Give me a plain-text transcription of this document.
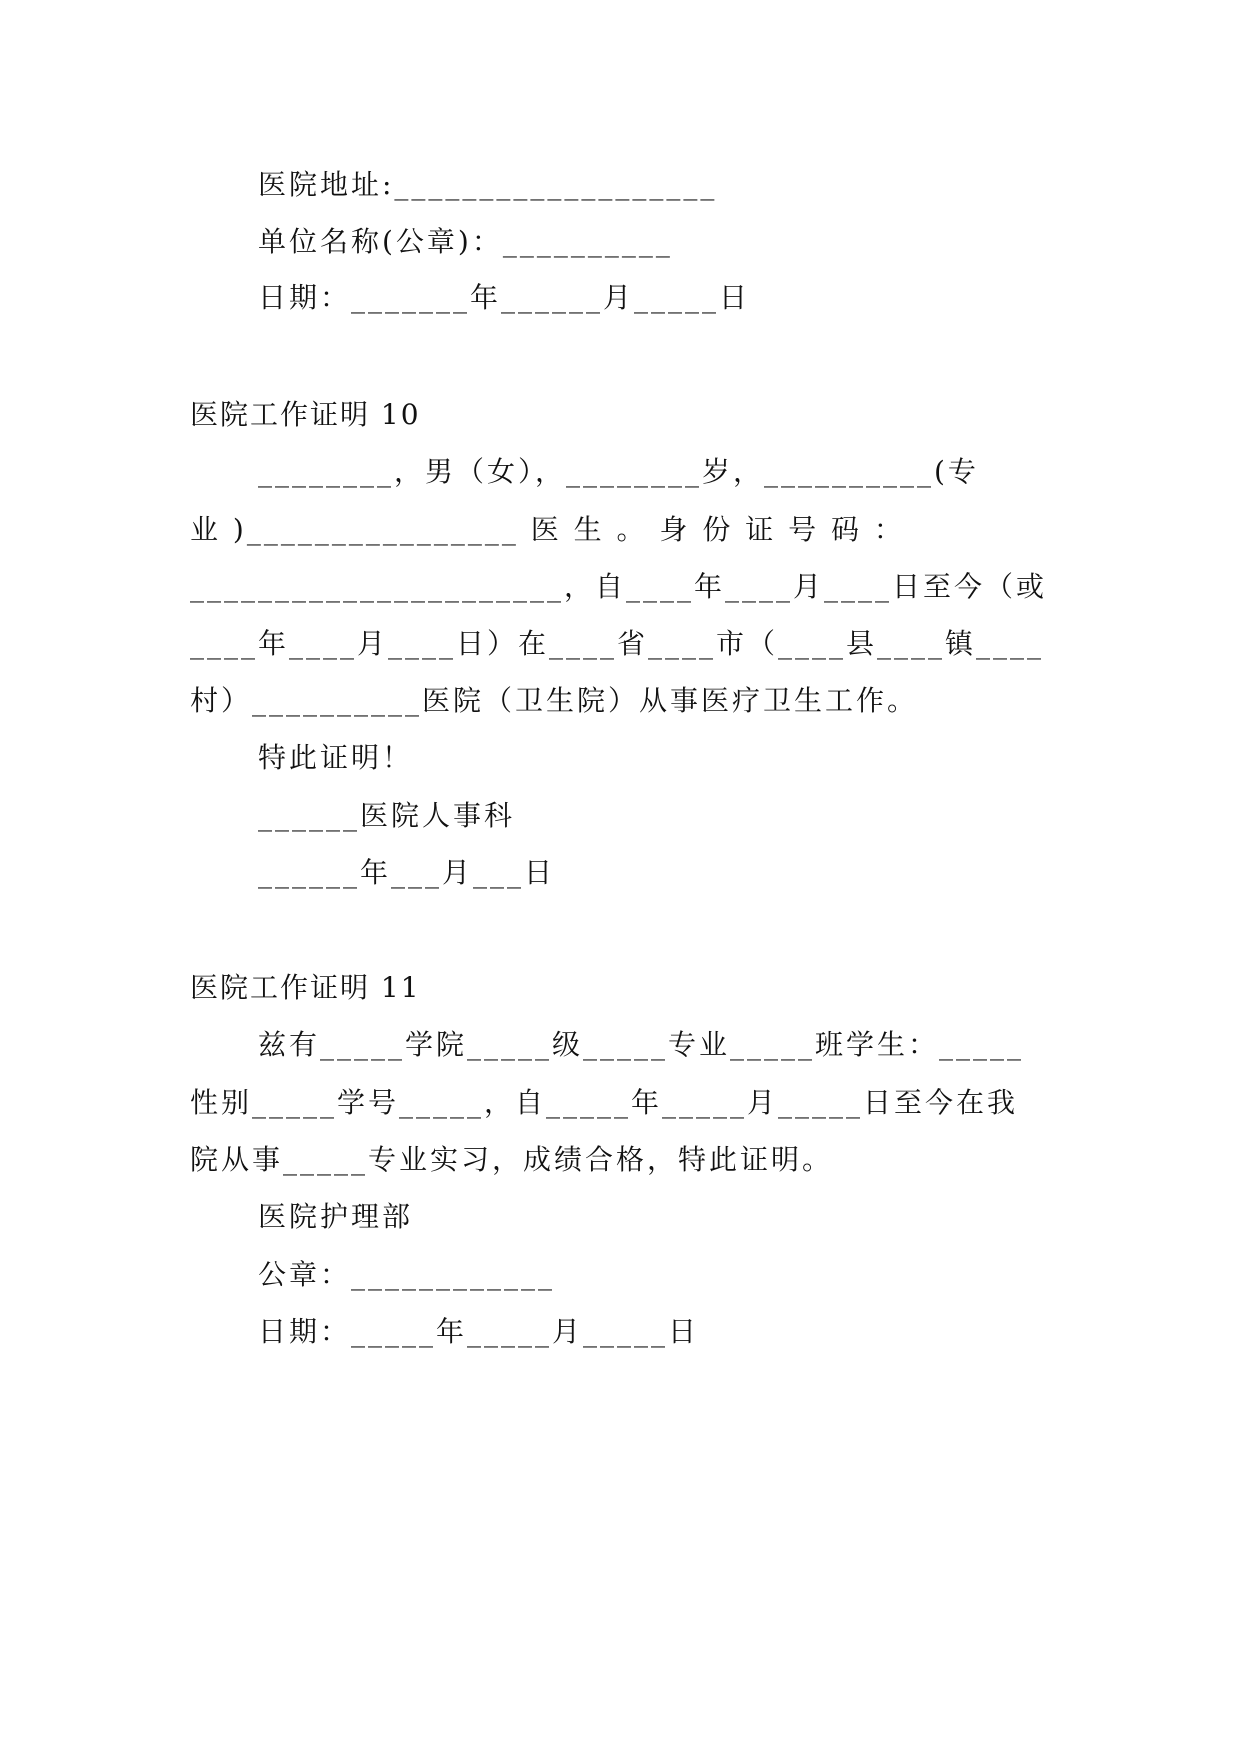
医院地址:___________________
单位名称(公章)：__________
日期：_______年______月_____日
医院工作证明 10
________，男（女），________岁，__________(专
业 )________________ 医 生 。 身 份 证 号 码 ：
______________________，自____年____月____日至今（或
____年____月____日）在____省____市（____县____镇____
村）__________医院（卫生院）从事医疗卫生工作。
特此证明！
______医院人事科
______年___月___日
医院工作证明 11
兹有_____学院_____级_____专业_____班学生：_____
性别_____学号_____，自_____年_____月_____日至今在我
院从事_____专业实习，成绩合格，特此证明。
医院护理部
公章：____________
日期：_____年_____月_____日
